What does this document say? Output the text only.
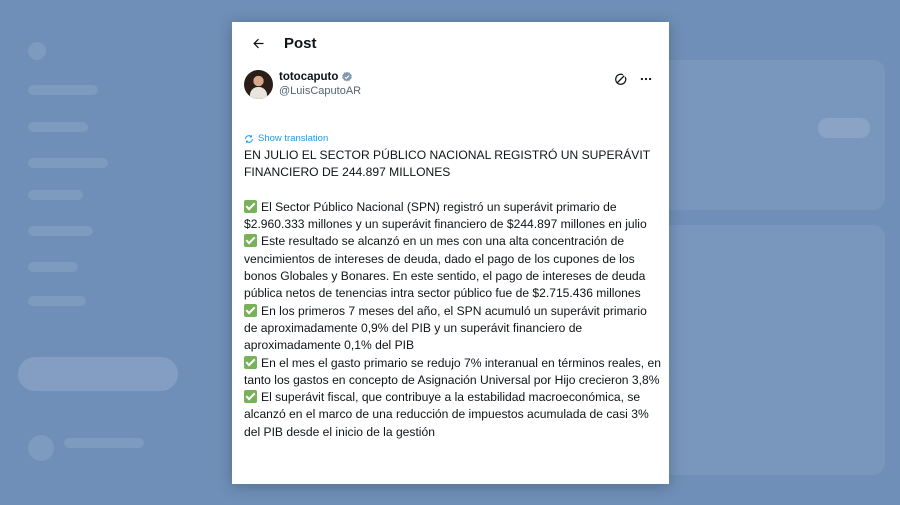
Post
totocaputo
@LuisCaputoAR
Show translation

EN JULIO EL SECTOR PÚBLICO NACIONAL REGISTRÓ UN SUPERÁVIT FINANCIERO DE 244.897 MILLONES

El Sector Público Nacional (SPN) registró un superávit primario de $2.960.333 millones y un superávit financiero de $244.897 millones en julio

Este resultado se alcanzó en un mes con una alta concentración de vencimientos de intereses de deuda, dado el pago de los cupones de los bonos Globales y Bonares. En este sentido, el pago de intereses de deuda pública netos de tenencias intra sector público fue de $2.715.436 millones

En los primeros 7 meses del año, el SPN acumuló un superávit primario de aproximadamente 0,9% del PIB y un superávit financiero de aproximadamente 0,1% del PIB

En el mes el gasto primario se redujo 7% interanual en términos reales, en tanto los gastos en concepto de Asignación Universal por Hijo crecieron 3,8%

El superávit fiscal, que contribuye a la estabilidad macroeconómica, se alcanzó en el marco de una reducción de impuestos acumulada de casi 3% del PIB desde el inicio de la gestión
